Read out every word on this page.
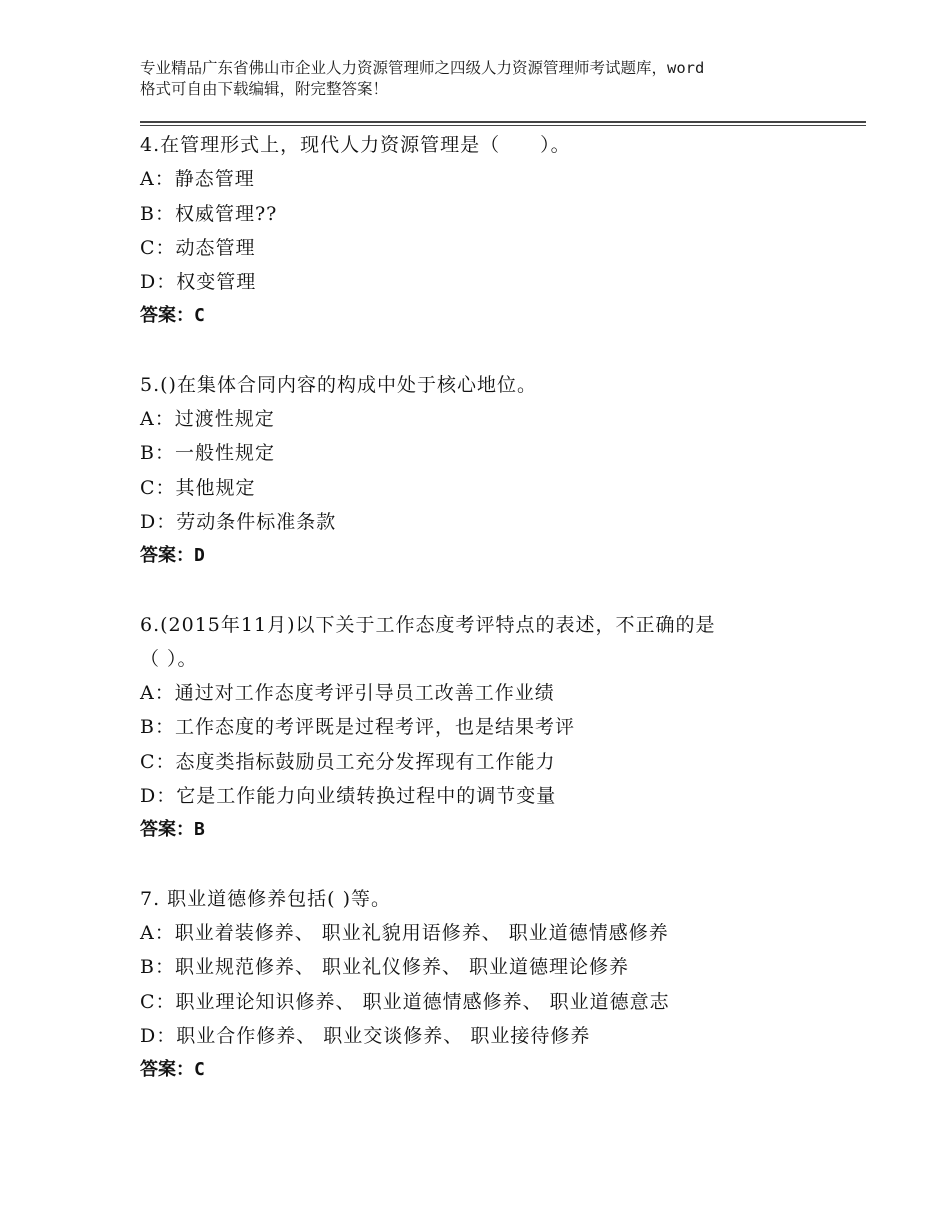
专业精品广东省佛山市企业人力资源管理师之四级人力资源管理师考试题库，word
格式可自由下载编辑，附完整答案！
4.在管理形式上，现代人力资源管理是（　　）。
A：静态管理
B：权威管理??
C：动态管理
D：权变管理
答案：C
5.()在集体合同内容的构成中处于核心地位。
A：过渡性规定
B：一般性规定
C：其他规定
D：劳动条件标准条款
答案：D
6.(2015年11月)以下关于工作态度考评特点的表述，不正确的是
（ ）。
A：通过对工作态度考评引导员工改善工作业绩
B：工作态度的考评既是过程考评，也是结果考评
C：态度类指标鼓励员工充分发挥现有工作能力
D：它是工作能力向业绩转换过程中的调节变量
答案：B
7. 职业道德修养包括( )等。
A：职业着装修养、 职业礼貌用语修养、 职业道德情感修养
B：职业规范修养、 职业礼仪修养、 职业道德理论修养
C：职业理论知识修养、 职业道德情感修养、 职业道德意志
D：职业合作修养、 职业交谈修养、 职业接待修养
答案：C
